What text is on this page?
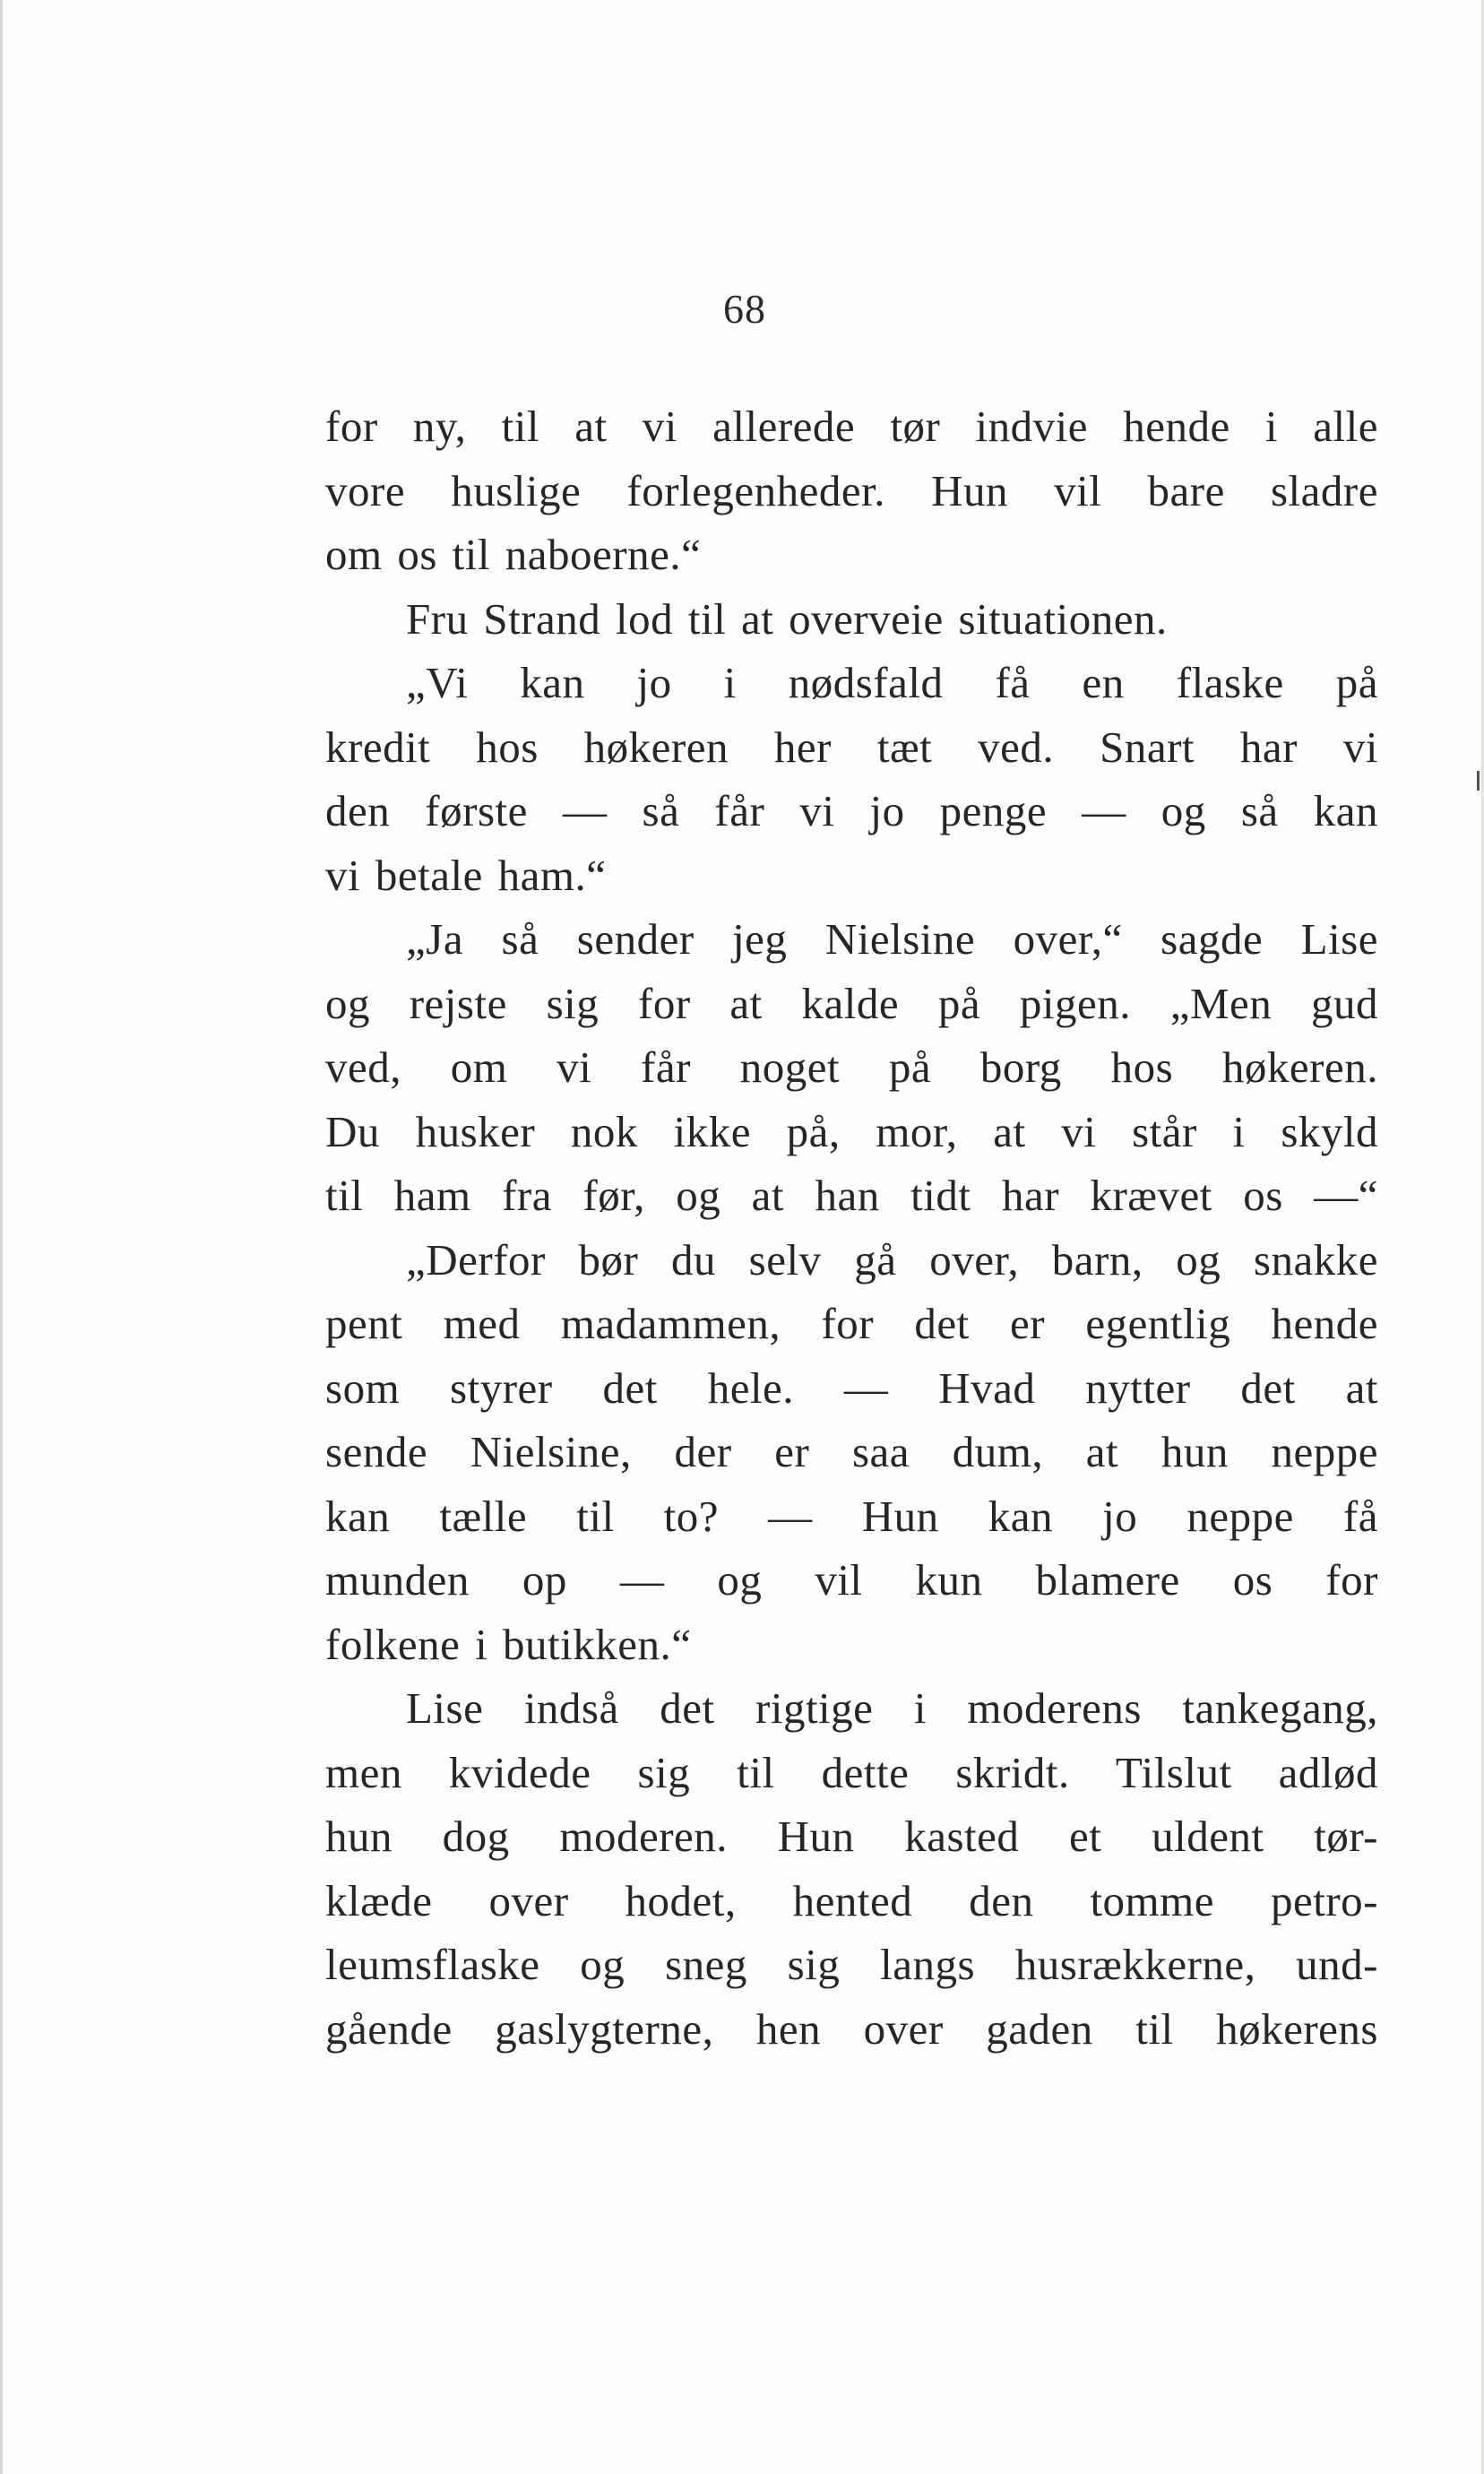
68
for ny, til at vi allerede tør indvie hende i alle
vore huslige forlegenheder. Hun vil bare sladre
om os til naboerne.“
Fru Strand lod til at overveie situationen.
„Vi kan jo i nødsfald få en flaske på
kredit hos høkeren her tæt ved. Snart har vi
den første — så får vi jo penge — og så kan
vi betale ham.“
„Ja så sender jeg Nielsine over,“ sagde Lise
og rejste sig for at kalde på pigen. „Men gud
ved, om vi får noget på borg hos høkeren.
Du husker nok ikke på, mor, at vi står i skyld
til ham fra før, og at han tidt har krævet os —“
„Derfor bør du selv gå over, barn, og snakke
pent med madammen, for det er egentlig hende
som styrer det hele. — Hvad nytter det at
sende Nielsine, der er saa dum, at hun neppe
kan tælle til to? — Hun kan jo neppe få
munden op — og vil kun blamere os for
folkene i butikken.“
Lise indså det rigtige i moderens tankegang,
men kvidede sig til dette skridt. Tilslut adlød
hun dog moderen. Hun kasted et uldent tør-
klæde over hodet, hented den tomme petro-
leumsflaske og sneg sig langs husrækkerne, und-
gående gaslygterne, hen over gaden til høkerens
